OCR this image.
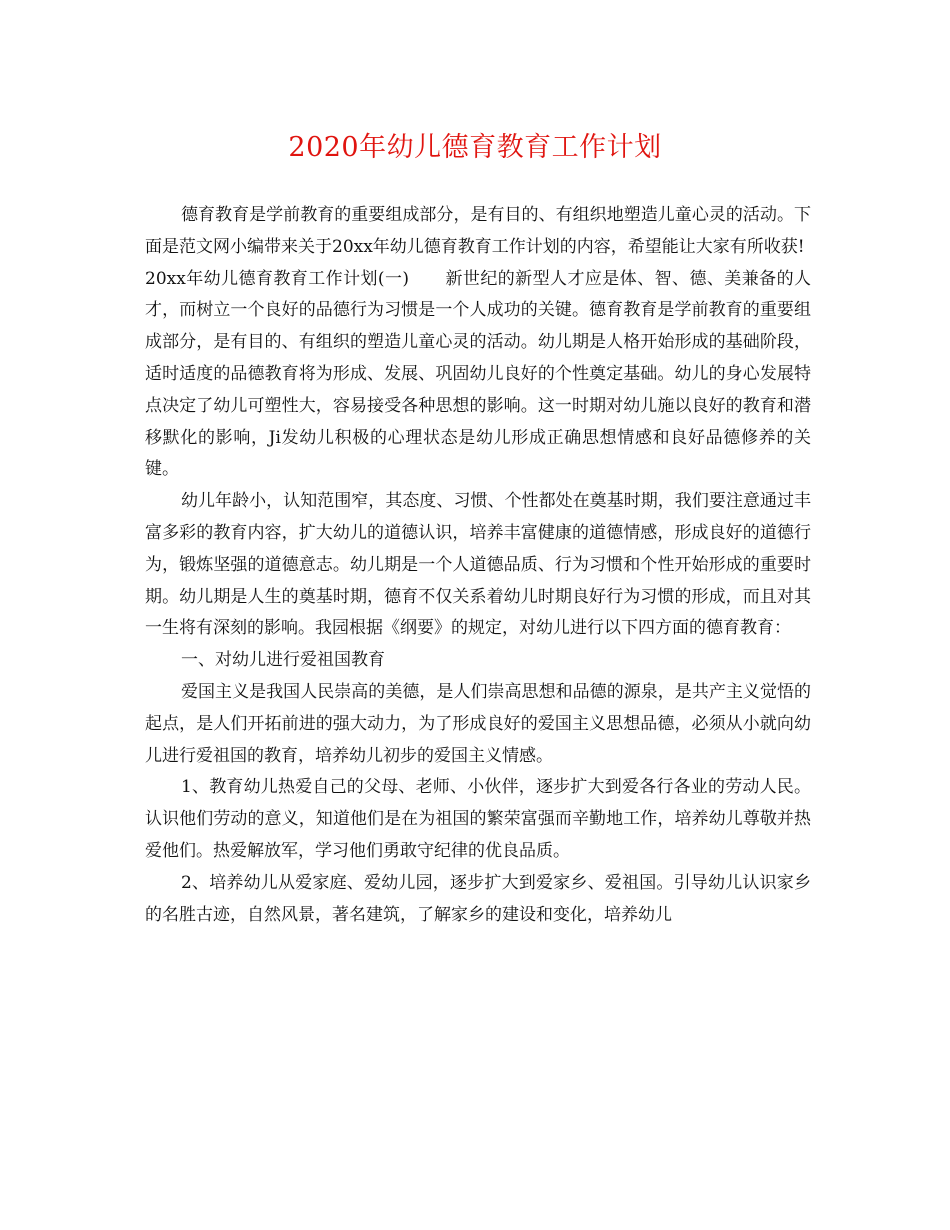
2020年幼儿德育教育工作计划

德育教育是学前教育的重要组成部分，是有目的、有组织地塑造儿童心灵的活动。下面是范文网小编带来关于20xx年幼儿德育教育工作计划的内容，希望能让大家有所收获!

20xx年幼儿德育教育工作计划(一) 新世纪的新型人才应是体、智、德、美兼备的人才，而树立一个良好的品德行为习惯是一个人成功的关键。德育教育是学前教育的重要组成部分，是有目的、有组织的塑造儿童心灵的活动。幼儿期是人格开始形成的基础阶段，适时适度的品德教育将为形成、发展、巩固幼儿良好的个性奠定基础。幼儿的身心发展特点决定了幼儿可塑性大，容易接受各种思想的影响。这一时期对幼儿施以良好的教育和潜移默化的影响，Ji发幼儿积极的心理状态是幼儿形成正确思想情感和良好品德修养的关键。

幼儿年龄小，认知范围窄，其态度、习惯、个性都处在奠基时期，我们要注意通过丰富多彩的教育内容，扩大幼儿的道德认识，培养丰富健康的道德情感，形成良好的道德行为，锻炼坚强的道德意志。幼儿期是一个人道德品质、行为习惯和个性开始形成的重要时期。幼儿期是人生的奠基时期，德育不仅关系着幼儿时期良好行为习惯的形成，而且对其一生将有深刻的影响。我园根据《纲要》的规定，对幼儿进行以下四方面的德育教育：

一、对幼儿进行爱祖国教育

爱国主义是我国人民崇高的美德，是人们崇高思想和品德的源泉，是共产主义觉悟的起点，是人们开拓前进的强大动力，为了形成良好的爱国主义思想品德，必须从小就向幼儿进行爱祖国的教育，培养幼儿初步的爱国主义情感。

1、教育幼儿热爱自己的父母、老师、小伙伴，逐步扩大到爱各行各业的劳动人民。认识他们劳动的意义，知道他们是在为祖国的繁荣富强而辛勤地工作，培养幼儿尊敬并热爱他们。热爱解放军，学习他们勇敢守纪律的优良品质。

2、培养幼儿从爱家庭、爱幼儿园，逐步扩大到爱家乡、爱祖国。引导幼儿认识家乡的名胜古迹，自然风景，著名建筑，了解家乡的建设和变化，培养幼儿
